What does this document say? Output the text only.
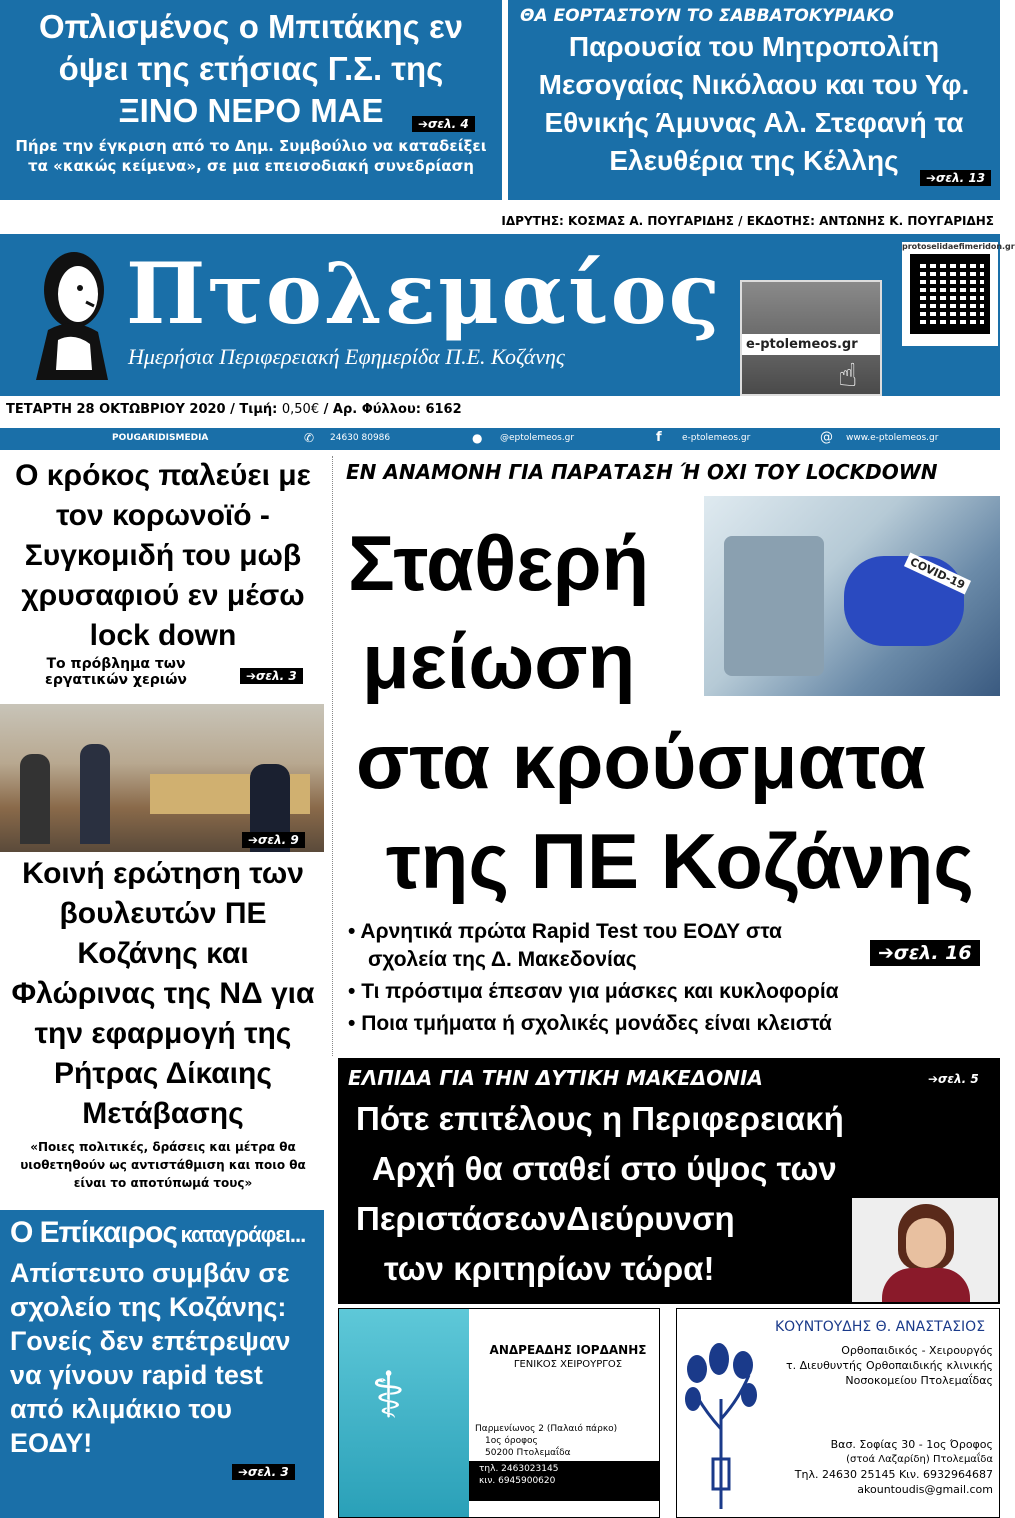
Οπλισμένος ο Μπιτάκης εν όψει της ετήσιας Γ.Σ. της ΞΙΝΟ ΝΕΡΟ ΜΑΕ
Πήρε την έγκριση από το Δημ. Συμβούλιο να καταδείξει τα «κακώς κείμενα», σε μια επεισοδιακή συνεδρίαση
➔σελ. 4
ΘΑ ΕΟΡΤΑΣΤΟΥΝ ΤΟ ΣΑΒΒΑΤΟΚΥΡΙΑΚΟ
Παρουσία του Μητροπολίτη Μεσογαίας Νικόλαου και του Υφ. Εθνικής Άμυνας Αλ. Στεφανή τα Ελευθέρια της Κέλλης
➔σελ. 13
ΙΔΡΥΤΗΣ: ΚΟΣΜΑΣ Α. ΠΟΥΓΑΡΙΔΗΣ / ΕΚΔΟΤΗΣ: ΑΝΤΩΝΗΣ Κ. ΠΟΥΓΑΡΙΔΗΣ
Πτολεμαίος
Ημερήσια Περιφερειακή Εφημερίδα Π.Ε. Κοζάνης	e-ptolemeos.gr
☝
protoselidaefimeridon.gr
ΤΕΤΑΡΤΗ 28 ΟΚΤΩΒΡΙΟΥ 2020 / Τιμή: 0,50€ / Αρ. Φύλλου: 6162
POUGARIDISMEDIA	✆ 24630 80986	● @eptolemeos.gr	f e-ptolemeos.gr	@ www.e-ptolemeos.gr
Ο κρόκος παλεύει με τον κορωνοϊό - Συγκομιδή του μωβ χρυσαφιού εν μέσω lock down
Το πρόβλημα των εργατικών χεριών	➔σελ. 3
➔σελ. 9
Κοινή ερώτηση των βουλευτών ΠΕ Κοζάνης και Φλώρινας της ΝΔ για την εφαρμογή της Ρήτρας Δίκαιης Μετάβασης
«Ποιες πολιτικές, δράσεις και μέτρα θα υιοθετηθούν ως αντιστάθμιση και ποιο θα είναι το αποτύπωμά τους»
Ο Επίκαιρος καταγράφει...
Απίστευτο συμβάν σε σχολείο της Κοζάνης: Γονείς δεν επέτρεψαν να γίνουν rapid test από κλιμάκιο του ΕΟΔΥ!
➔σελ. 3
ΕΝ ΑΝΑΜΟΝΗ ΓΙΑ ΠΑΡΑΤΑΣΗ Ή ΟΧΙ ΤΟΥ LOCKDOWN
COVID-19
Σταθερή
μείωση
στα κρούσματα
της ΠΕ Κοζάνης
• Αρνητικά πρώτα Rapid Test του ΕΟΔΥ στα σχολεία της Δ. Μακεδονίας
• Τι πρόστιμα έπεσαν για μάσκες και κυκλοφορία
• Ποια τμήματα ή σχολικές μονάδες είναι κλειστά
➔σελ. 16
ΕΛΠΙΔΑ ΓΙΑ ΤΗΝ ΔΥΤΙΚΗ ΜΑΚΕΔΟΝΙΑ	➔σελ. 5
Πότε επιτέλους η Περιφερειακή
Αρχή θα σταθεί στο ύψος των
ΠεριστάσεωνΔιεύρυνση
των κριτηρίων τώρα!
⚕
ΑΝΔΡΕΑΔΗΣ ΙΟΡΔΑΝΗΣ
ΓΕΝΙΚΟΣ ΧΕΙΡΟΥΡΓΟΣ
Παρμενίωνος 2 (Παλαιό πάρκο)
1ος όροφος
50200 Πτολεμαΐδα
τηλ. 2463023145
κιν. 6945900620
e-mail: iordanis.andr@icloud.com
ΚΟΥΝΤΟΥΔΗΣ Θ. ΑΝΑΣΤΑΣΙΟΣ
Ορθοπαιδικός - Χειρουργός
τ. Διευθυντής Ορθοπαιδικής κλινικής
Νοσοκομείου Πτολεμαΐδας
Βασ. Σοφίας 30 - 1ος Όροφος
(στοά Λαζαρίδη) Πτολεμαΐδα
Τηλ. 24630 25145 Κιν. 6932964687
akountoudis@gmail.com
